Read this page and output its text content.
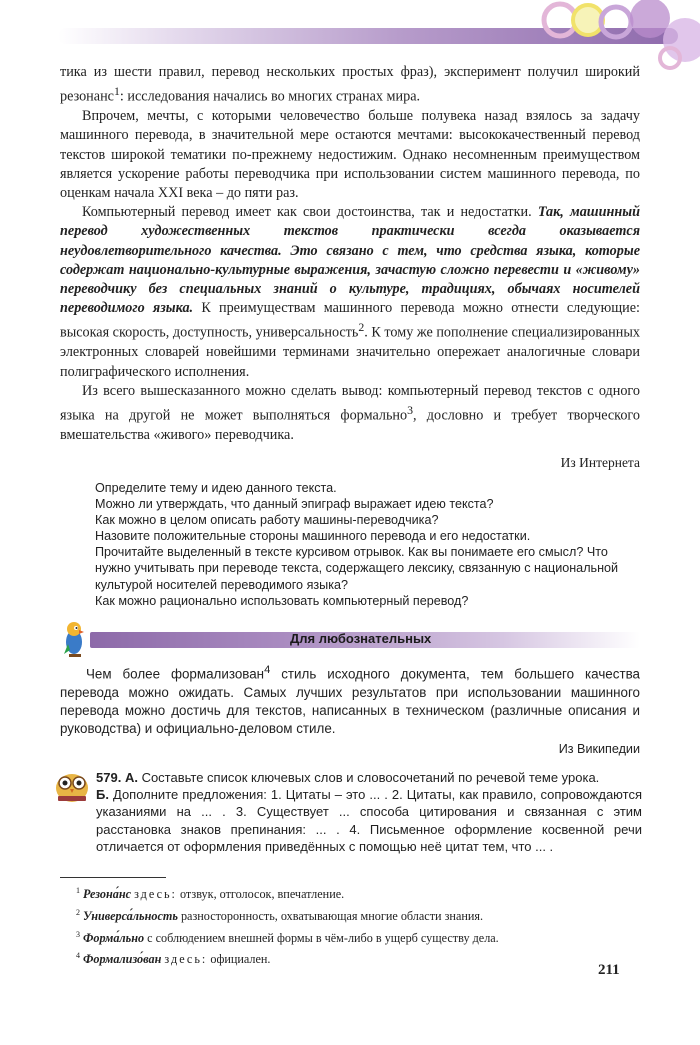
тика из шести правил, перевод нескольких простых фраз), эксперимент получил широкий резонанс$^1$: исследования начались во многих странах мира.

Впрочем, мечты, с которыми человечество больше полувека назад взялось за задачу машинного перевода, в значительной мере остаются мечтами: высококачественный перевод текстов широкой тематики по-прежнему недостижим. Однако несомненным преимуществом является ускорение работы переводчика при использовании систем машинного перевода, по оценкам начала XXI века – до пяти раз.

Компьютерный перевод имеет как свои достоинства, так и недостатки. Так, машинный перевод художественных текстов практически всегда оказывается неудовлетворительного качества. Это связано с тем, что средства языка, которые содержат национально-культурные выражения, зачастую сложно перевести и «живому» переводчику без специальных знаний о культуре, традициях, обычаях носителей переводимого языка. К преимуществам машинного перевода можно отнести следующие: высокая скорость, доступность, универсальность$^2$. К тому же пополнение специализированных электронных словарей новейшими терминами значительно опережает аналогичные словари полиграфического исполнения.

Из всего вышесказанного можно сделать вывод: компьютерный перевод текстов с одного языка на другой не может выполняться формально$^3$, дословно и требует творческого вмешательства «живого» переводчика.

Из Интернета
Определите тему и идею данного текста.
Можно ли утверждать, что данный эпиграф выражает идею текста?
Как можно в целом описать работу машины-переводчика?
Назовите положительные стороны машинного перевода и его недостатки.
Прочитайте выделенный в тексте курсивом отрывок. Как вы понимаете его смысл? Что нужно учитывать при переводе текста, содержащего лексику, связанную с национальной культурой носителей переводимого языка?
Как можно рационально использовать компьютерный перевод?
Для любознательных

Чем более формализован$^4$ стиль исходного документа, тем большего качества перевода можно ожидать. Самых лучших результатов при использовании машинного перевода можно достичь для текстов, написанных в техническом (различные описания и руководства) и официально-деловом стиле.

Из Википедии

579. А. Составьте список ключевых слов и словосочетаний по речевой теме урока.

Б. Дополните предложения: 1. Цитаты – это ... . 2. Цитаты, как правило, сопровождаются указаниями на ... . 3. Существует ... способа цитирования и связанная с этим расстановка знаков препинания: ... . 4. Письменное оформление косвенной речи отличается от оформления приведённых с помощью неё цитат тем, что ... .

$^1$ Резона́нс здесь: отзвук, отголосок, впечатление.
$^2$ Универса́льность разносторонность, охватывающая многие области знания.
$^3$ Форма́льно с соблюдением внешней формы в чём-либо в ущерб существу дела.
$^4$ Формализо́ван здесь: официален.
211
